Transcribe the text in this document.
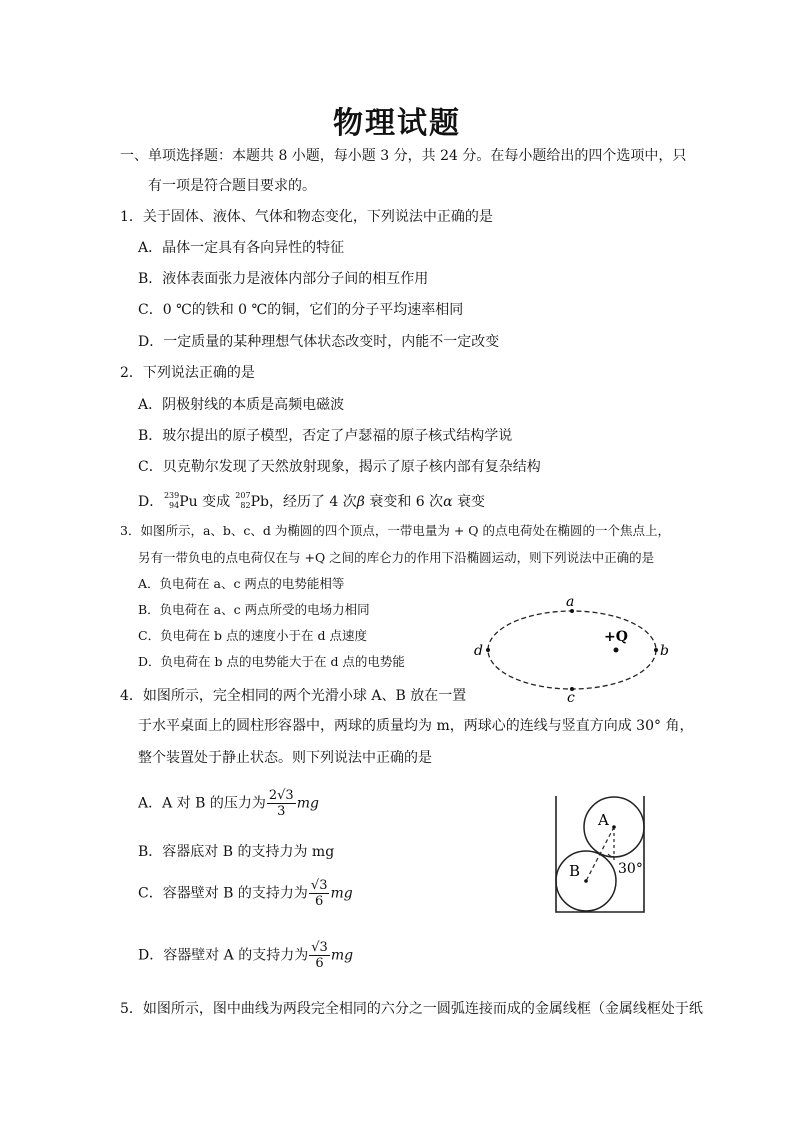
物理试题
一、单项选择题：本题共 8 小题，每小题 3 分，共 24 分。在每小题给出的四个选项中，只
有一项是符合题目要求的。
1．关于固体、液体、气体和物态变化，下列说法中正确的是
A．晶体一定具有各向异性的特征
B．液体表面张力是液体内部分子间的相互作用
C．0 ℃的铁和 0 ℃的铜，它们的分子平均速率相同
D．一定质量的某种理想气体状态改变时，内能不一定改变
2．下列说法正确的是
A．阴极射线的本质是高频电磁波
B．玻尔提出的原子模型，否定了卢瑟福的原子核式结构学说
C．贝克勒尔发现了天然放射现象，揭示了原子核内部有复杂结构
D． 239
94 Pu 变成 207
82 Pb，经历了 4 次β 衰变和 6 次α 衰变
3．如图所示，a、b、c、d 为椭圆的四个顶点，一带电量为 + Q 的点电荷处在椭圆的一个焦点上，
另有一带负电的点电荷仅在与 +Q 之间的库仑力的作用下沿椭圆运动，则下列说法中正确的是
A．负电荷在 a、c 两点的电势能相等
B．负电荷在 a、c 两点所受的电场力相同
C．负电荷在 b 点的速度小于在 d 点速度
D．负电荷在 b 点的电势能大于在 d 点的电势能
a
b
c
d
+Q
4．如图所示，完全相同的两个光滑小球 A、B 放在一置
于水平桌面上的圆柱形容器中，两球的质量均为 m，两球心的连线与竖直方向成 30° 角，
整个装置处于静止状态。则下列说法中正确的是
A．A 对 B 的压力为 $\frac{2√3}{3}$ mg
B．容器底对 B 的支持力为 mg
C．容器壁对 B 的支持力为 $\frac{√3}{6}$ mg
D．容器壁对 A 的支持力为 $\frac{√3}{6}$ mg
A
B	30°
5．如图所示，图中曲线为两段完全相同的六分之一圆弧连接而成的金属线框（金属线框处于纸
